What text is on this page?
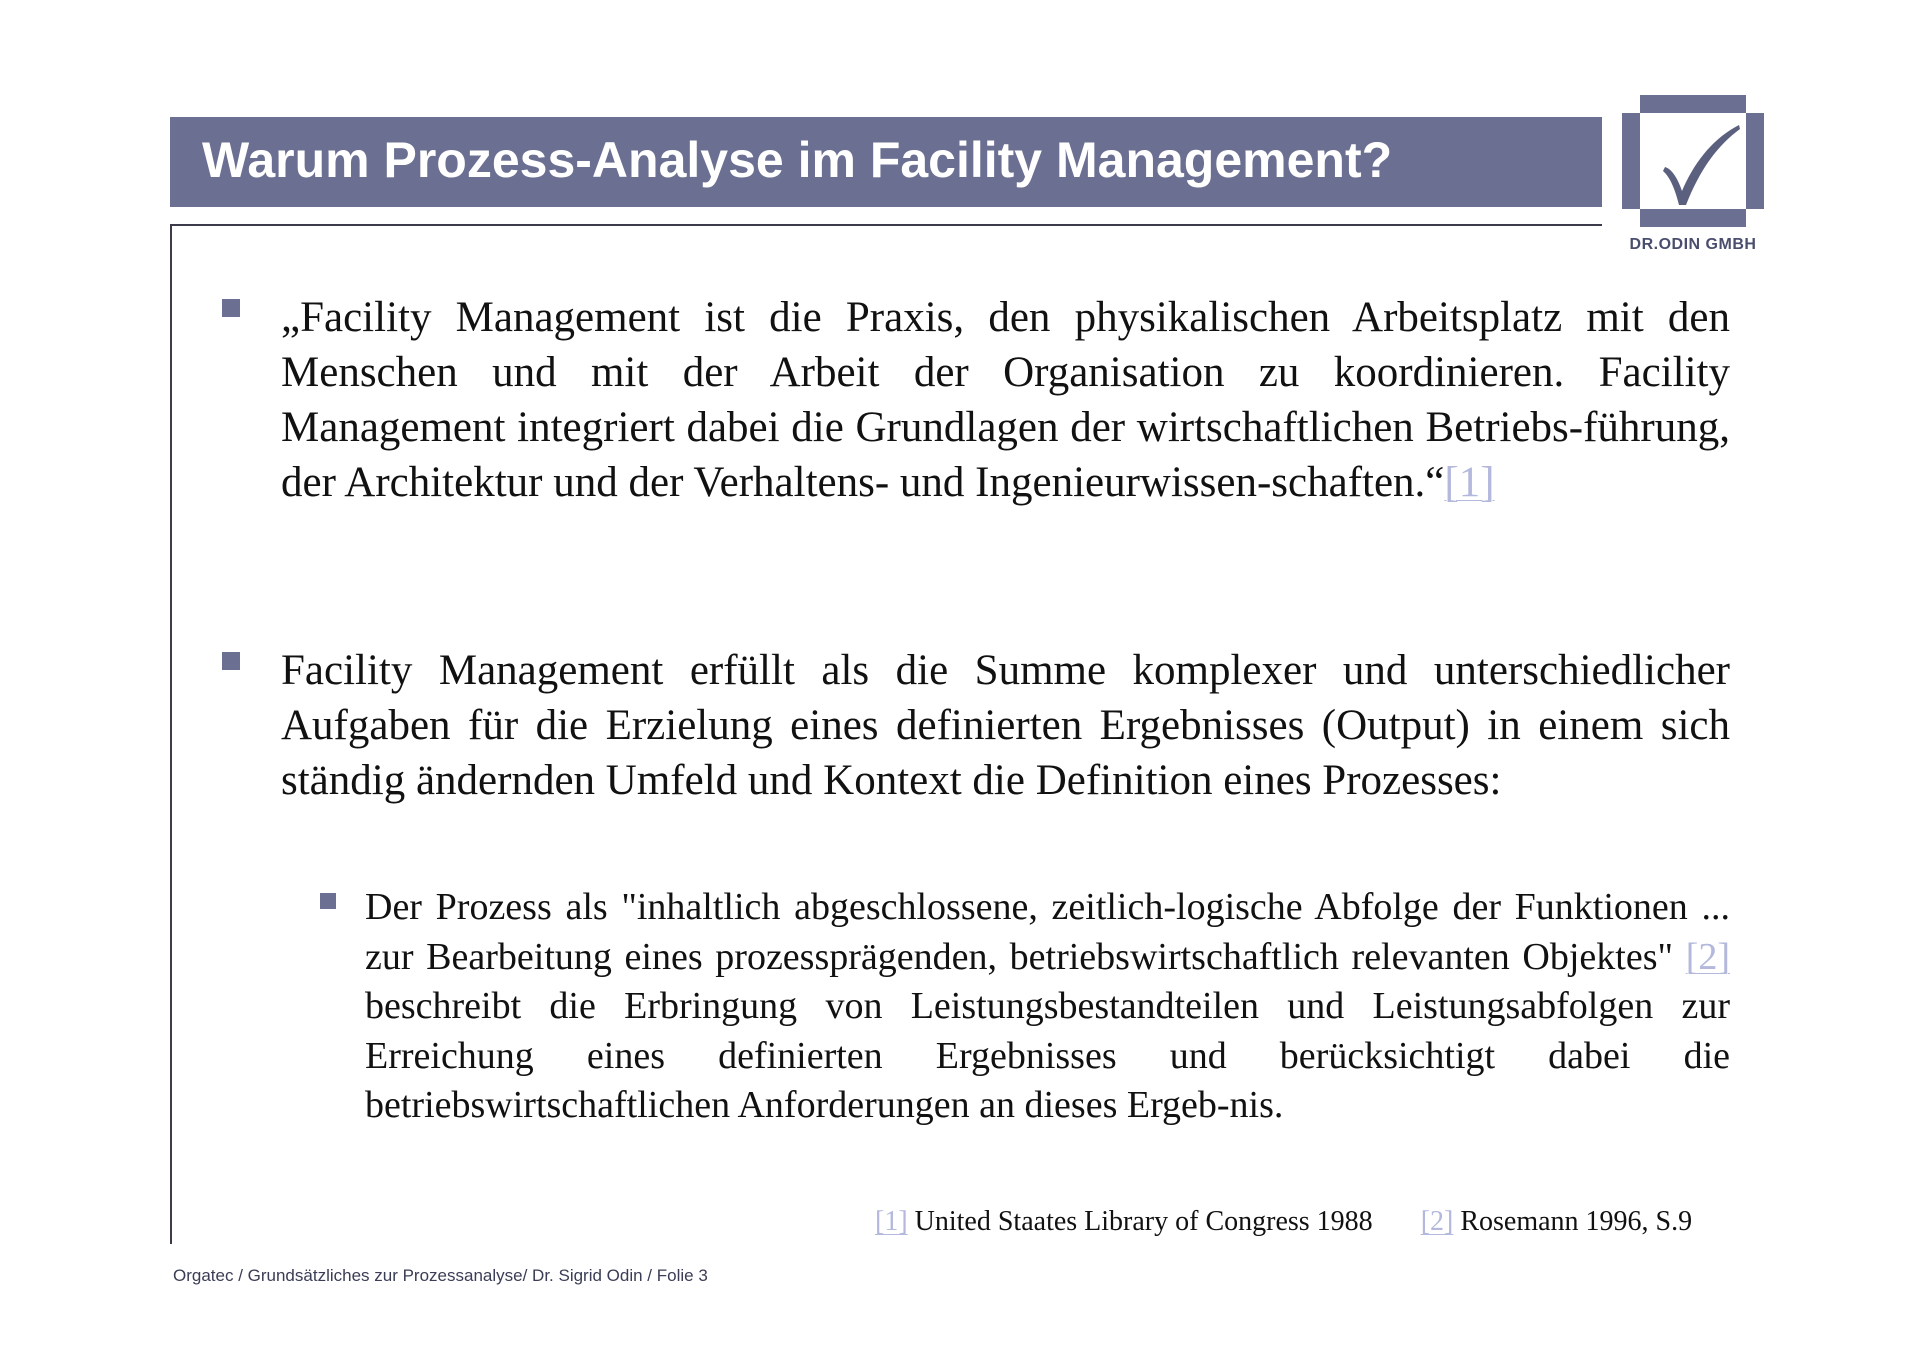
Warum Prozess-Analyse im Facility Management?
DR.ODIN GMBH

„Facility Management ist die Praxis, den physikalischen Arbeitsplatz mit den Menschen und mit der Arbeit der Organisation zu koordinieren. Facility Management integriert dabei die Grundlagen der wirtschaftlichen Betriebs-führung, der Architektur und der Verhaltens- und Ingenieurwissen-schaften.“[1]

Facility Management erfüllt als die Summe komplexer und unterschiedlicher Aufgaben für die Erzielung eines definierten Ergebnisses (Output) in einem sich ständig ändernden Umfeld und Kontext die Definition eines Prozesses:

Der Prozess als "inhaltlich abgeschlossene, zeitlich-logische Abfolge der Funktionen ... zur Bearbeitung eines prozessprägenden, betriebswirtschaftlich relevanten Objektes" [2] beschreibt die Erbringung von Leistungsbestandteilen und Leistungsabfolgen zur Erreichung eines definierten Ergebnisses und berücksichtigt dabei die betriebswirtschaftlichen Anforderungen an dieses Ergeb-nis.

[1] United Staates Library of Congress 1988 [2] Rosemann 1996, S.9
Orgatec / Grundsätzliches zur Prozessanalyse/ Dr. Sigrid Odin / Folie 3
